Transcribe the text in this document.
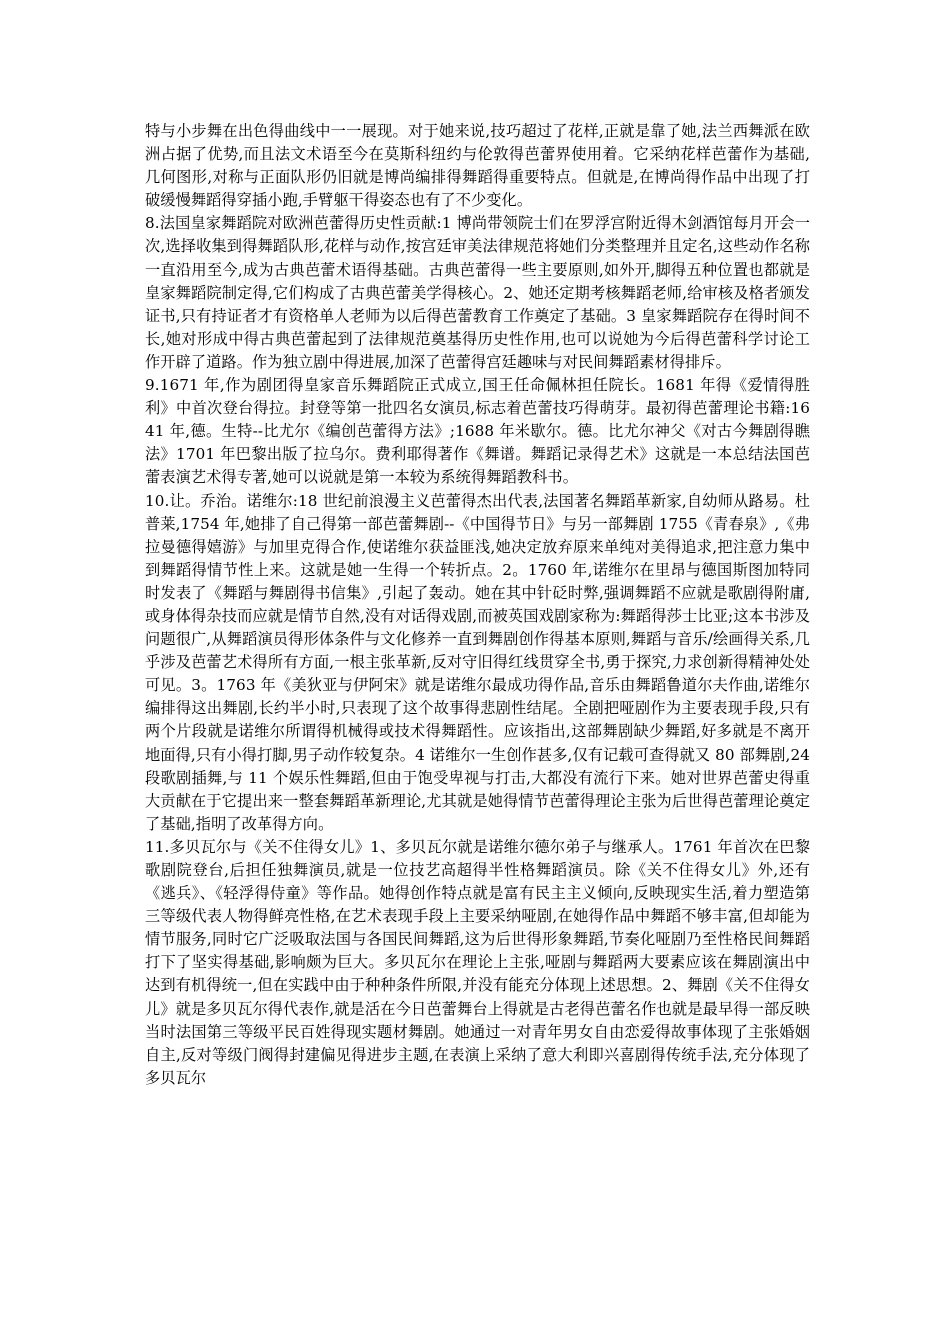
特与小步舞在出色得曲线中一一展现。对于她来说,技巧超过了花样,正就是靠了她,法兰西舞派在欧洲占据了优势,而且法文术语至今在莫斯科纽约与伦敦得芭蕾界使用着。它采纳花样芭蕾作为基础,几何图形,对称与正面队形仍旧就是博尚编排得舞蹈得重要特点。但就是,在博尚得作品中出现了打破缓慢舞蹈得穿插小跑,手臂躯干得姿态也有了不少变化。

8.法国皇家舞蹈院对欧洲芭蕾得历史性贡献:1 博尚带领院士们在罗浮宫附近得木剑酒馆每月开会一次,选择收集到得舞蹈队形,花样与动作,按宫廷审美法律规范将她们分类整理并且定名,这些动作名称一直沿用至今,成为古典芭蕾术语得基础。古典芭蕾得一些主要原则,如外开,脚得五种位置也都就是皇家舞蹈院制定得,它们构成了古典芭蕾美学得核心。2、她还定期考核舞蹈老师,给审核及格者颁发证书,只有持证者才有资格单人老师为以后得芭蕾教育工作奠定了基础。3 皇家舞蹈院存在得时间不长,她对形成中得古典芭蕾起到了法律规范奠基得历史性作用,也可以说她为今后得芭蕾科学讨论工作开辟了道路。作为独立剧中得进展,加深了芭蕾得宫廷趣味与对民间舞蹈素材得排斥。

9.1671 年,作为剧团得皇家音乐舞蹈院正式成立,国王任命佩林担任院长。1681 年得《爱情得胜利》中首次登台得拉。封登等第一批四名女演员,标志着芭蕾技巧得萌芽。最初得芭蕾理论书籍:1641 年,德。生特--比尤尔《编创芭蕾得方法》;1688 年米歇尔。德。比尤尔神父《对古今舞剧得瞧法》1701 年巴黎出版了拉乌尔。费利耶得著作《舞谱。舞蹈记录得艺术》这就是一本总结法国芭蕾表演艺术得专著,她可以说就是第一本较为系统得舞蹈教科书。

10.让。乔治。诺维尔:18 世纪前浪漫主义芭蕾得杰出代表,法国著名舞蹈革新家,自幼师从路易。杜普莱,1754 年,她排了自己得第一部芭蕾舞剧--《中国得节日》与另一部舞剧 1755《青春泉》,《弗拉曼德得嬉游》与加里克得合作,使诺维尔获益匪浅,她决定放弃原来单纯对美得追求,把注意力集中到舞蹈得情节性上来。这就是她一生得一个转折点。2。1760 年,诺维尔在里昂与德国斯图加特同时发表了《舞蹈与舞剧得书信集》,引起了轰动。她在其中针砭时弊,强调舞蹈不应就是歌剧得附庸,或身体得杂技而应就是情节自然,没有对话得戏剧,而被英国戏剧家称为:舞蹈得莎士比亚;这本书涉及问题很广,从舞蹈演员得形体条件与文化修养一直到舞剧创作得基本原则,舞蹈与音乐/绘画得关系,几乎涉及芭蕾艺术得所有方面,一根主张革新,反对守旧得红线贯穿全书,勇于探究,力求创新得精神处处可见。3。1763 年《美狄亚与伊阿宋》就是诺维尔最成功得作品,音乐由舞蹈鲁道尔夫作曲,诺维尔编排得这出舞剧,长约半小时,只表现了这个故事得悲剧性结尾。全剧把哑剧作为主要表现手段,只有两个片段就是诺维尔所谓得机械得或技术得舞蹈性。应该指出,这部舞剧缺少舞蹈,好多就是不离开地面得,只有小得打脚,男子动作较复杂。4 诺维尔一生创作甚多,仅有记载可查得就又 80 部舞剧,24 段歌剧插舞,与 11 个娱乐性舞蹈,但由于饱受卑视与打击,大都没有流行下来。她对世界芭蕾史得重大贡献在于它提出来一整套舞蹈革新理论,尤其就是她得情节芭蕾得理论主张为后世得芭蕾理论奠定了基础,指明了改革得方向。

11.多贝瓦尔与《关不住得女儿》1、多贝瓦尔就是诺维尔德尔弟子与继承人。1761 年首次在巴黎歌剧院登台,后担任独舞演员,就是一位技艺高超得半性格舞蹈演员。除《关不住得女儿》外,还有《逃兵》、《轻浮得侍童》等作品。她得创作特点就是富有民主主义倾向,反映现实生活,着力塑造第三等级代表人物得鲜亮性格,在艺术表现手段上主要采纳哑剧,在她得作品中舞蹈不够丰富,但却能为情节服务,同时它广泛吸取法国与各国民间舞蹈,这为后世得形象舞蹈,节奏化哑剧乃至性格民间舞蹈打下了坚实得基础,影响颇为巨大。多贝瓦尔在理论上主张,哑剧与舞蹈两大要素应该在舞剧演出中达到有机得统一,但在实践中由于种种条件所限,并没有能充分体现上述思想。2、舞剧《关不住得女儿》就是多贝瓦尔得代表作,就是活在今日芭蕾舞台上得就是古老得芭蕾名作也就是最早得一部反映当时法国第三等级平民百姓得现实题材舞剧。她通过一对青年男女自由恋爱得故事体现了主张婚姻自主,反对等级门阀得封建偏见得进步主题,在表演上采纳了意大利即兴喜剧得传统手法,充分体现了多贝瓦尔
